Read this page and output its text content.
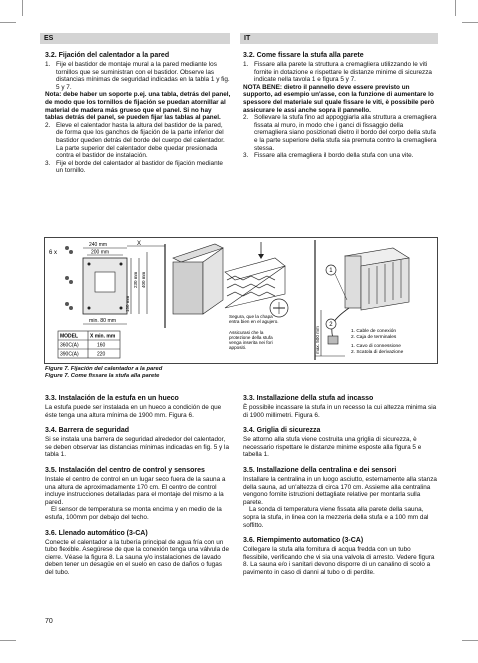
ES	IT
3.2. Fijación del calentador a la pared
1. Fije el bastidor de montaje mural a la pared mediante los tornillos que se suministran con el bastidor. Observe las distancias mínimas de seguridad indicadas en la tabla 1 y fig. 5 y 7.

Nota: debe haber un soporte p.ej. una tabla, detrás del panel, de modo que los tornillos de fijación se puedan atornillar al material de madera más grueso que el panel. Si no hay tablas detrás del panel, se pueden fijar las tablas al panel.

2. Eleve el calentador hasta la altura del bastidor de la pared, de forma que los ganchos de fijación de la parte inferior del bastidor queden detrás del borde del cuerpo del calentador. La parte superior del calentador debe quedar presionada contra el bastidor de instalación.
3. Fije el borde del calentador al bastidor de fijación mediante un tornillo.
3.2. Come fissare la stufa alla parete
1. Fissare alla parete la struttura a cremagliera utilizzando le viti fornite in dotazione e rispettare le distanze minime di sicurezza indicate nella tavola 1 e figura 5 y 7.

NOTA BENE: dietro il pannello deve essere previsto un supporto, ad esempio un'asse, con la funzione di aumentare lo spessore del materiale sul quale fissare le viti, è possibile però assicurare le assi anche sopra il pannello.

2. Sollevare la stufa fino ad appoggiarla alla struttura a cremagliera fissata al muro, in modo che i ganci di fissaggio della cremagliera siano posizionati dietro il bordo del corpo della stufa e la parte superiore della stufa sia premuta contro la cremagliera stessa.
3. Fissare alla cremagliera il bordo della stufa con una vite.
6 x
240 mm
200 mm
X
150 mm
230 mm 400 mm
min. 80 mm
MODEL X min. mm
360C(A)	160
390C(A)	220
Segura, que la chapa entra bien en el agujero.
Assicurasi che la protezione della stufa venga inserita nei fori appositi.
1
2
max. 500 mm	1. Cable de conexión
2. Caja de terminales
1. Cavo di connessione
2. Scatola di derivazione
Figure 7. Fijación del calentador a la pared
Figure 7. Come fissare la stufa alla parete
3.3. Instalación de la estufa en un hueco

La estufa puede ser instalada en un hueco a condición de que éste tenga una altura mínima de 1900 mm. Figura 6.

3.4. Barrera de seguridad

Si se instala una barrera de seguridad alrededor del calentador, se deben observar las distancias mínimas indicadas en fig. 5 y la tabla 1.

3.5. Instalación del centro de control y sensores

Instale el centro de control en un lugar seco fuera de la sauna a una altura de aproximadamente 170 cm. El centro de control incluye instrucciones detalladas para el montaje del mismo a la pared.

El sensor de temperatura se monta encima y en medio de la estufa, 100mm por debajo del techo.

3.6. Llenado automático (3-CA)

Conecte el calentador a la tubería principal de agua fría con un tubo flexible. Asegúrese de que la conexión tenga una válvula de cierre. Véase la figura 8. La sauna y/o instalaciones de lavado deben tener un desagüe en el suelo en caso de daños o fugas del tubo.

3.3. Installazione della stufa ad incasso

È possibile incassare la stufa in un recesso la cui altezza minima sia di 1900 millimetri. Figura 6.

3.4. Griglia di sicurezza

Se attorno alla stufa viene costruita una griglia di sicurezza, è necessario rispettare le distanze minime esposte alla figura 5 e tabella 1.

3.5. Installazione della centralina e dei sensori

Installare la centralina in un luogo asciutto, esternamente alla stanza della sauna, ad un'altezza di circa 170 cm. Assieme alla centralina vengono fornite istruzioni dettagliate relative per montarla sulla parete.

La sonda di temperatura viene fissata alla parete della sauna, sopra la stufa, in linea con la mezzeria della stufa e a 100 mm dal soffitto.

3.6. Riempimento automatico (3-CA)

Collegare la stufa alla fornitura di acqua fredda con un tubo flessibile, verificando che vi sia una valvola di arresto. Vedere figura 8. La sauna e/o i sanitari devono disporre di un canalino di scolo a pavimento in caso di danni al tubo o di perdite.

70
